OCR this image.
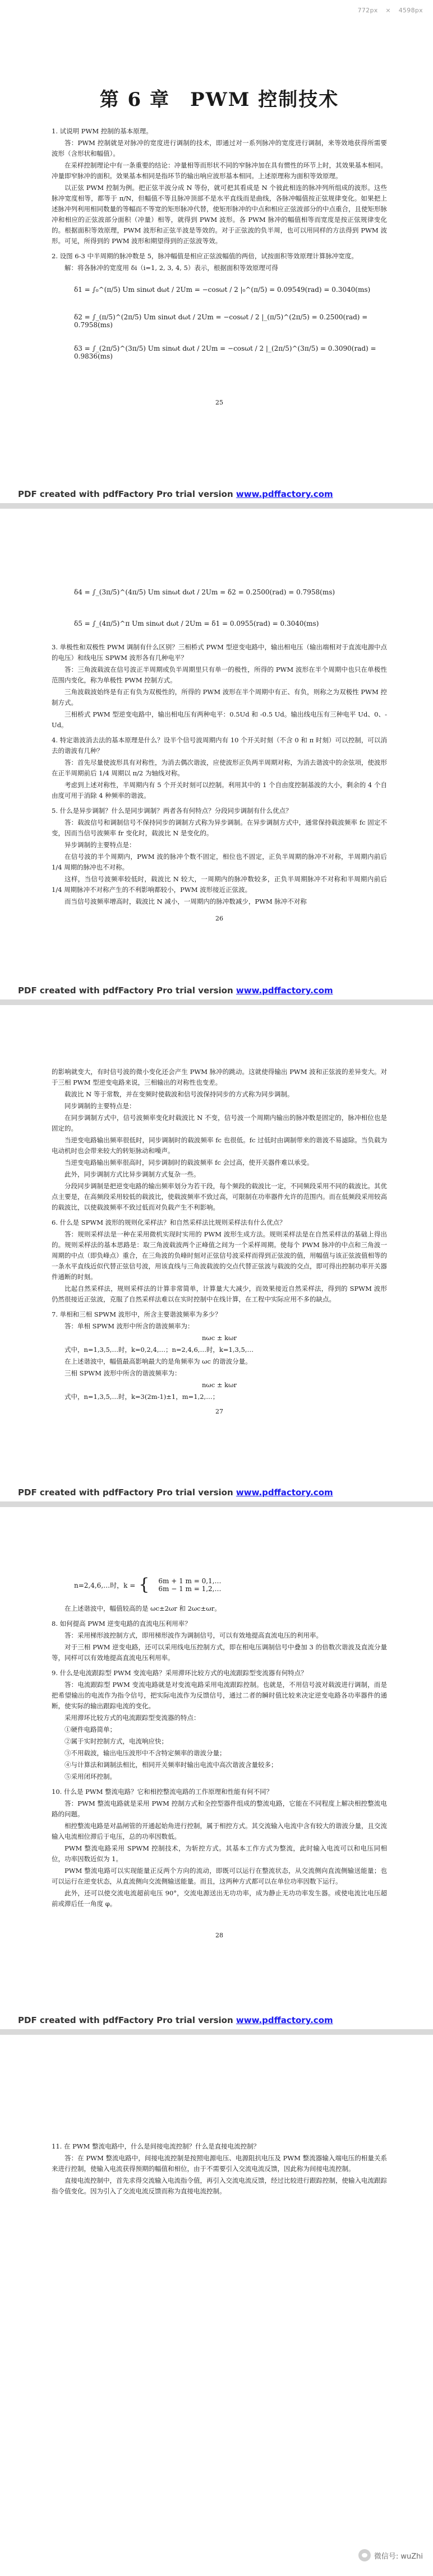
772px × 4598px
第 6 章　PWM 控制技术

1. 试说明 PWM 控制的基本原理。

答：PWM 控制就是对脉冲的宽度进行调制的技术，即通过对一系列脉冲的宽度进行调制，来等效地获得所需要波形（含形状和幅值）。

在采样控制理论中有一条重要的结论：冲量相等而形状不同的窄脉冲加在具有惯性的环节上时，其效果基本相同。冲量即窄脉冲的面积。效果基本相同是指环节的输出响应波形基本相同。上述原理称为面积等效原理。

以正弦 PWM 控制为例。把正弦半波分成 N 等份，就可把其看成是 N 个彼此相连的脉冲列所组成的波形。这些脉冲宽度相等，都等于 π/N，但幅值不等且脉冲顶部不是水平直线而是曲线，各脉冲幅值按正弦规律变化。如果把上述脉冲列利用相同数量的等幅而不等宽的矩形脉冲代替，使矩形脉冲的中点和相应正弦波部分的中点重合，且使矩形脉冲和相应的正弦波部分面积（冲量）相等，就得到 PWM 波形。各 PWM 脉冲的幅值相等而宽度是按正弦规律变化的。根据面积等效原理，PWM 波形和正弦半波是等效的。对于正弦波的负半周，也可以用同样的方法得到 PWM 波形。可见，所得到的 PWM 波形和期望得到的正弦波等效。

2. 设图 6-3 中半周期的脉冲数是 5，脉冲幅值是相应正弦波幅值的两倍，试按面积等效原理计算脉冲宽度。

解：将各脉冲的宽度用 δi（i=1, 2, 3, 4, 5）表示，根据面积等效原理可得

δ1 = ∫₀^(π/5) Um sinωt dωt / 2Um = −cosωt / 2 |₀^(π/5) = 0.09549(rad) = 0.3040(ms)
δ2 = ∫_(π/5)^(2π/5) Um sinωt dωt / 2Um = −cosωt / 2 |_(π/5)^(2π/5) = 0.2500(rad) = 0.7958(ms)
δ3 = ∫_(2π/5)^(3π/5) Um sinωt dωt / 2Um = −cosωt / 2 |_(2π/5)^(3π/5) = 0.3090(rad) = 0.9836(ms)
25
PDF created with pdfFactory Pro trial version www.pdffactory.com
δ4 = ∫_(3π/5)^(4π/5) Um sinωt dωt / 2Um = δ2 = 0.2500(rad) = 0.7958(ms)
δ5 = ∫_(4π/5)^π Um sinωt dωt / 2Um = δ1 = 0.0955(rad) = 0.3040(ms)

3. 单极性和双极性 PWM 调制有什么区别？三相桥式 PWM 型逆变电路中，输出相电压（输出端相对于直流电源中点的电压）和线电压 SPWM 波形各有几种电平？

答：三角波载波在信号波正半周期或负半周期里只有单一的极性，所得的 PWM 波形在半个周期中也只在单极性范围内变化，称为单极性 PWM 控制方式。

三角波载波始终是有正有负为双极性的，所得的 PWM 波形在半个周期中有正、有负，则称之为双极性 PWM 控制方式。

三相桥式 PWM 型逆变电路中，输出相电压有两种电平：0.5Ud 和 -0.5 Ud。输出线电压有三种电平 Ud、0、-Ud。

4. 特定谐波消去法的基本原理是什么？设半个信号波周期内有 10 个开关时刻（不含 0 和 π 时刻）可以控制，可以消去的谐波有几种？

答：首先尽量使波形具有对称性，为消去偶次谐波，应使波形正负两半周期对称，为消去谐波中的余弦项，使波形在正半周期前后 1/4 周期以 π/2 为轴线对称。

考虑到上述对称性，半周期内有 5 个开关时刻可以控制。利用其中的 1 个自由度控制基波的大小，剩余的 4 个自由度可用于消除 4 种频率的谐波。

5. 什么是异步调制？什么是同步调制？两者各有何特点？分段同步调制有什么优点？

答：载波信号和调制信号不保持同步的调制方式称为异步调制。在异步调制方式中，通常保持载波频率 fc 固定不变，因而当信号波频率 fr 变化时，载波比 N 是变化的。

异步调制的主要特点是：

在信号波的半个周期内，PWM 波的脉冲个数不固定，相位也不固定，正负半周期的脉冲不对称，半周期内前后 1/4 周期的脉冲也不对称。

这样，当信号波频率较低时，载波比 N 较大，一周期内的脉冲数较多，正负半周期脉冲不对称和半周期内前后 1/4 周期脉冲不对称产生的不利影响都较小，PWM 波形接近正弦波。

而当信号波频率增高时，载波比 N 减小，一周期内的脉冲数减少，PWM 脉冲不对称

26
PDF created with pdfFactory Pro trial version www.pdffactory.com

的影响就变大，有时信号波的微小变化还会产生 PWM 脉冲的跳动。这就使得输出 PWM 波和正弦波的差异变大。对于三相 PWM 型逆变电路来说，三相输出的对称性也变差。

载波比 N 等于常数，并在变频时使载波和信号波保持同步的方式称为同步调制。

同步调制的主要特点是：

在同步调制方式中，信号波频率变化时载波比 N 不变，信号波一个周期内输出的脉冲数是固定的，脉冲相位也是固定的。

当逆变电路输出频率很低时，同步调制时的载波频率 fc 也很低。fc 过低时由调制带来的谐波不易滤除。当负载为电动机时也会带来较大的转矩脉动和噪声。

当逆变电路输出频率很高时，同步调制时的载波频率 fc 会过高，使开关器件难以承受。

此外，同步调制方式比异步调制方式复杂一些。

分段同步调制是把逆变电路的输出频率划分为若干段，每个频段的载波比一定，不同频段采用不同的载波比。其优点主要是，在高频段采用较低的载波比，使载波频率不致过高，可限制在功率器件允许的范围内。而在低频段采用较高的载波比，以使载波频率不致过低而对负载产生不利影响。

6. 什么是 SPWM 波形的规则化采样法？和自然采样法比规则采样法有什么优点？

答：规则采样法是一种在采用微机实现时实用的 PWM 波形生成方法。规则采样法是在自然采样法的基础上得出的。规则采样法的基本思路是：取三角波载波两个正峰值之间为一个采样周期。使每个 PWM 脉冲的中点和三角波一周期的中点（即负峰点）重合，在三角波的负峰时刻对正弦信号波采样而得到正弦波的值，用幅值与该正弦波值相等的一条水平直线近似代替正弦信号波，用该直线与三角波载波的交点代替正弦波与载波的交点，即可得出控制功率开关器件通断的时刻。

比起自然采样法，规则采样法的计算非常简单，计算量大大减少，而效果接近自然采样法，得到的 SPWM 波形仍然很接近正弦波，克服了自然采样法难以在实时控制中在线计算，在工程中实际应用不多的缺点。

7. 单相和三相 SPWM 波形中，所含主要谐波频率为多少？

答：单相 SPWM 波形中所含的谐波频率为：

nωc ± kωr

式中，n=1,3,5,…时，k=0,2,4,…；n=2,4,6,…时，k=1,3,5,…

在上述谐波中，幅值最高影响最大的是角频率为 ωc 的谐波分量。

三相 SPWM 波形中所含的谐波频率为：

nωc ± kωr

式中，n=1,3,5,…时，k=3(2m-1)±1，m=1,2,…；

27
PDF created with pdfFactory Pro trial version www.pdffactory.com
n=2,4,6,…时，k = { 6m + 1 m = 0,1,…
6m − 1 m = 1,2,…

在上述谐波中，幅值较高的是 ωc±2ωr 和 2ωc±ωr。

8. 如何提高 PWM 逆变电路的直流电压利用率？

答：采用梯形波控制方式，即用梯形波作为调制信号，可以有效地提高直流电压的利用率。

对于三相 PWM 逆变电路，还可以采用线电压控制方式，即在相电压调制信号中叠加 3 的倍数次谐波及直流分量等，同样可以有效地提高直流电压利用率。

9. 什么是电流跟踪型 PWM 变流电路？采用滞环比较方式的电流跟踪型变流器有何特点？

答：电流跟踪型 PWM 变流电路就是对变流电路采用电流跟踪控制。也就是，不用信号波对载波进行调制，而是把希望输出的电流作为指令信号，把实际电流作为反馈信号，通过二者的瞬时值比较来决定逆变电路各功率器件的通断，使实际的输出跟踪电流的变化。

采用滞环比较方式的电流跟踪型变流器的特点：

①硬件电路简单；

②属于实时控制方式，电流响应快；

③不用载波，输出电压波形中不含特定频率的谐波分量；

④与计算法和调制法相比，相同开关频率时输出电流中高次谐波含量较多；

⑤采用闭环控制。

10. 什么是 PWM 整流电路？它和相控整流电路的工作原理和性能有何不同？

答：PWM 整流电路就是采用 PWM 控制方式和全控型器件组成的整流电路，它能在不同程度上解决相控整流电路的问题。

相控整流电路是对晶闸管的开通起始角进行控制，属于相控方式。其交流输入电流中含有较大的谐波分量，且交流输入电流相位滞后于电压，总的功率因数低。

PWM 整流电路采用 SPWM 控制技术，为斩控方式。其基本工作方式为整流，此时输入电流可以和电压同相位，功率因数近似为 1。

PWM 整流电路可以实现能量正反两个方向的流动，即既可以运行在整流状态，从交流侧向直流侧输送能量；也可以运行在逆变状态，从直流侧向交流侧输送能量。而且，这两种方式都可以在单位功率因数下运行。

此外，还可以使交流电流超前电压 90°，交流电源送出无功功率，成为静止无功功率发生器。或使电流比电压超前或滞后任一角度 φ。

28
PDF created with pdfFactory Pro trial version www.pdffactory.com

11. 在 PWM 整流电路中，什么是间接电流控制？什么是直接电流控制？

答：在 PWM 整流电路中，间接电流控制是按照电源电压、电源阻抗电压及 PWM 整流器输入端电压的相量关系来进行控制，使输入电流获得预期的幅值和相位，由于不需要引入交流电流反馈，因此称为间接电流控制。

直接电流控制中，首先求得交流输入电流指令值，再引入交流电流反馈，经过比较进行跟踪控制，使输入电流跟踪指令值变化。因为引入了交流电流反馈而称为直接电流控制。

微信号: wuZhi
